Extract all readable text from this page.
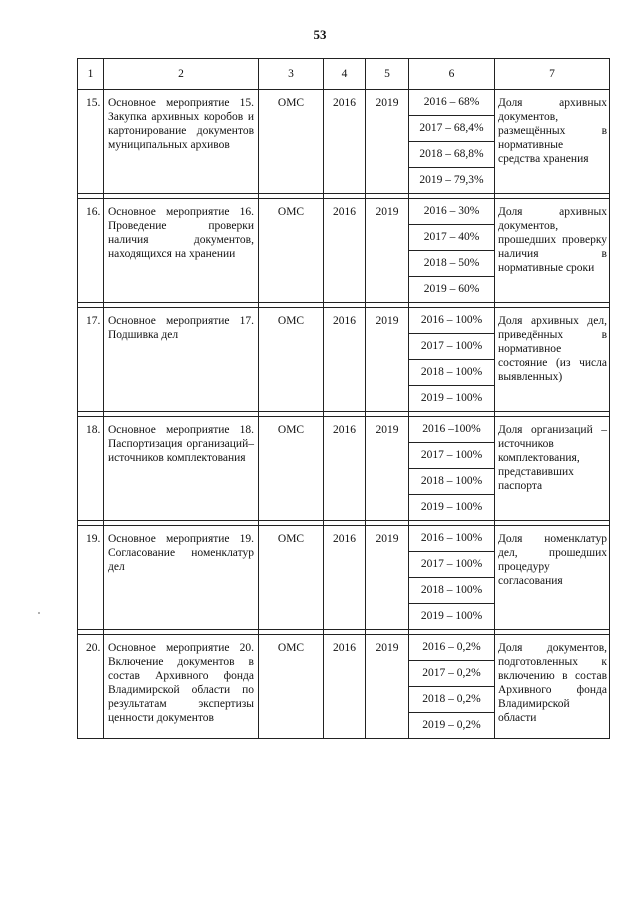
53
1	2	3	4	5	6	7
15.	Основное мероприятие 15. Закупка архивных коробов и картонирование документов муниципальных архивов	ОМС	2016	2019	2016 – 68%
2017 – 68,4%
2018 – 68,8%
2019 – 79,3%	Доля архивных документов, размещённых в нормативные средства хранения

16.	Основное мероприятие 16. Проведение проверки наличия документов, находящихся на хранении	ОМС	2016	2019	2016 – 30%
2017 – 40%
2018 – 50%
2019 – 60%	Доля архивных документов, прошедших проверку наличия в нормативные сроки

17.	Основное мероприятие 17. Подшивка дел	ОМС	2016	2019	2016 – 100%
2017 – 100%
2018 – 100%
2019 – 100%	Доля архивных дел, приведённых в нормативное состояние (из числа выявленных)

18.	Основное мероприятие 18. Паспортизация организаций–источников комплектования	ОМС	2016	2019	2016 –100%
2017 – 100%
2018 – 100%
2019 – 100%	Доля организаций – источников комплектования, представивших паспорта

19.	Основное мероприятие 19. Согласование номенклатур дел	ОМС	2016	2019	2016 – 100%
2017 – 100%
2018 – 100%
2019 – 100%	Доля номенклатур дел, прошедших процедуру согласования

20.	Основное мероприятие 20. Включение документов в состав Архивного фонда Владимирской области по результатам экспертизы ценности документов	ОМС	2016	2019	2016 – 0,2%
2017 – 0,2%
2018 – 0,2%
2019 – 0,2%	Доля документов, подготовленных к включению в состав Архивного фонда Владимирской области
